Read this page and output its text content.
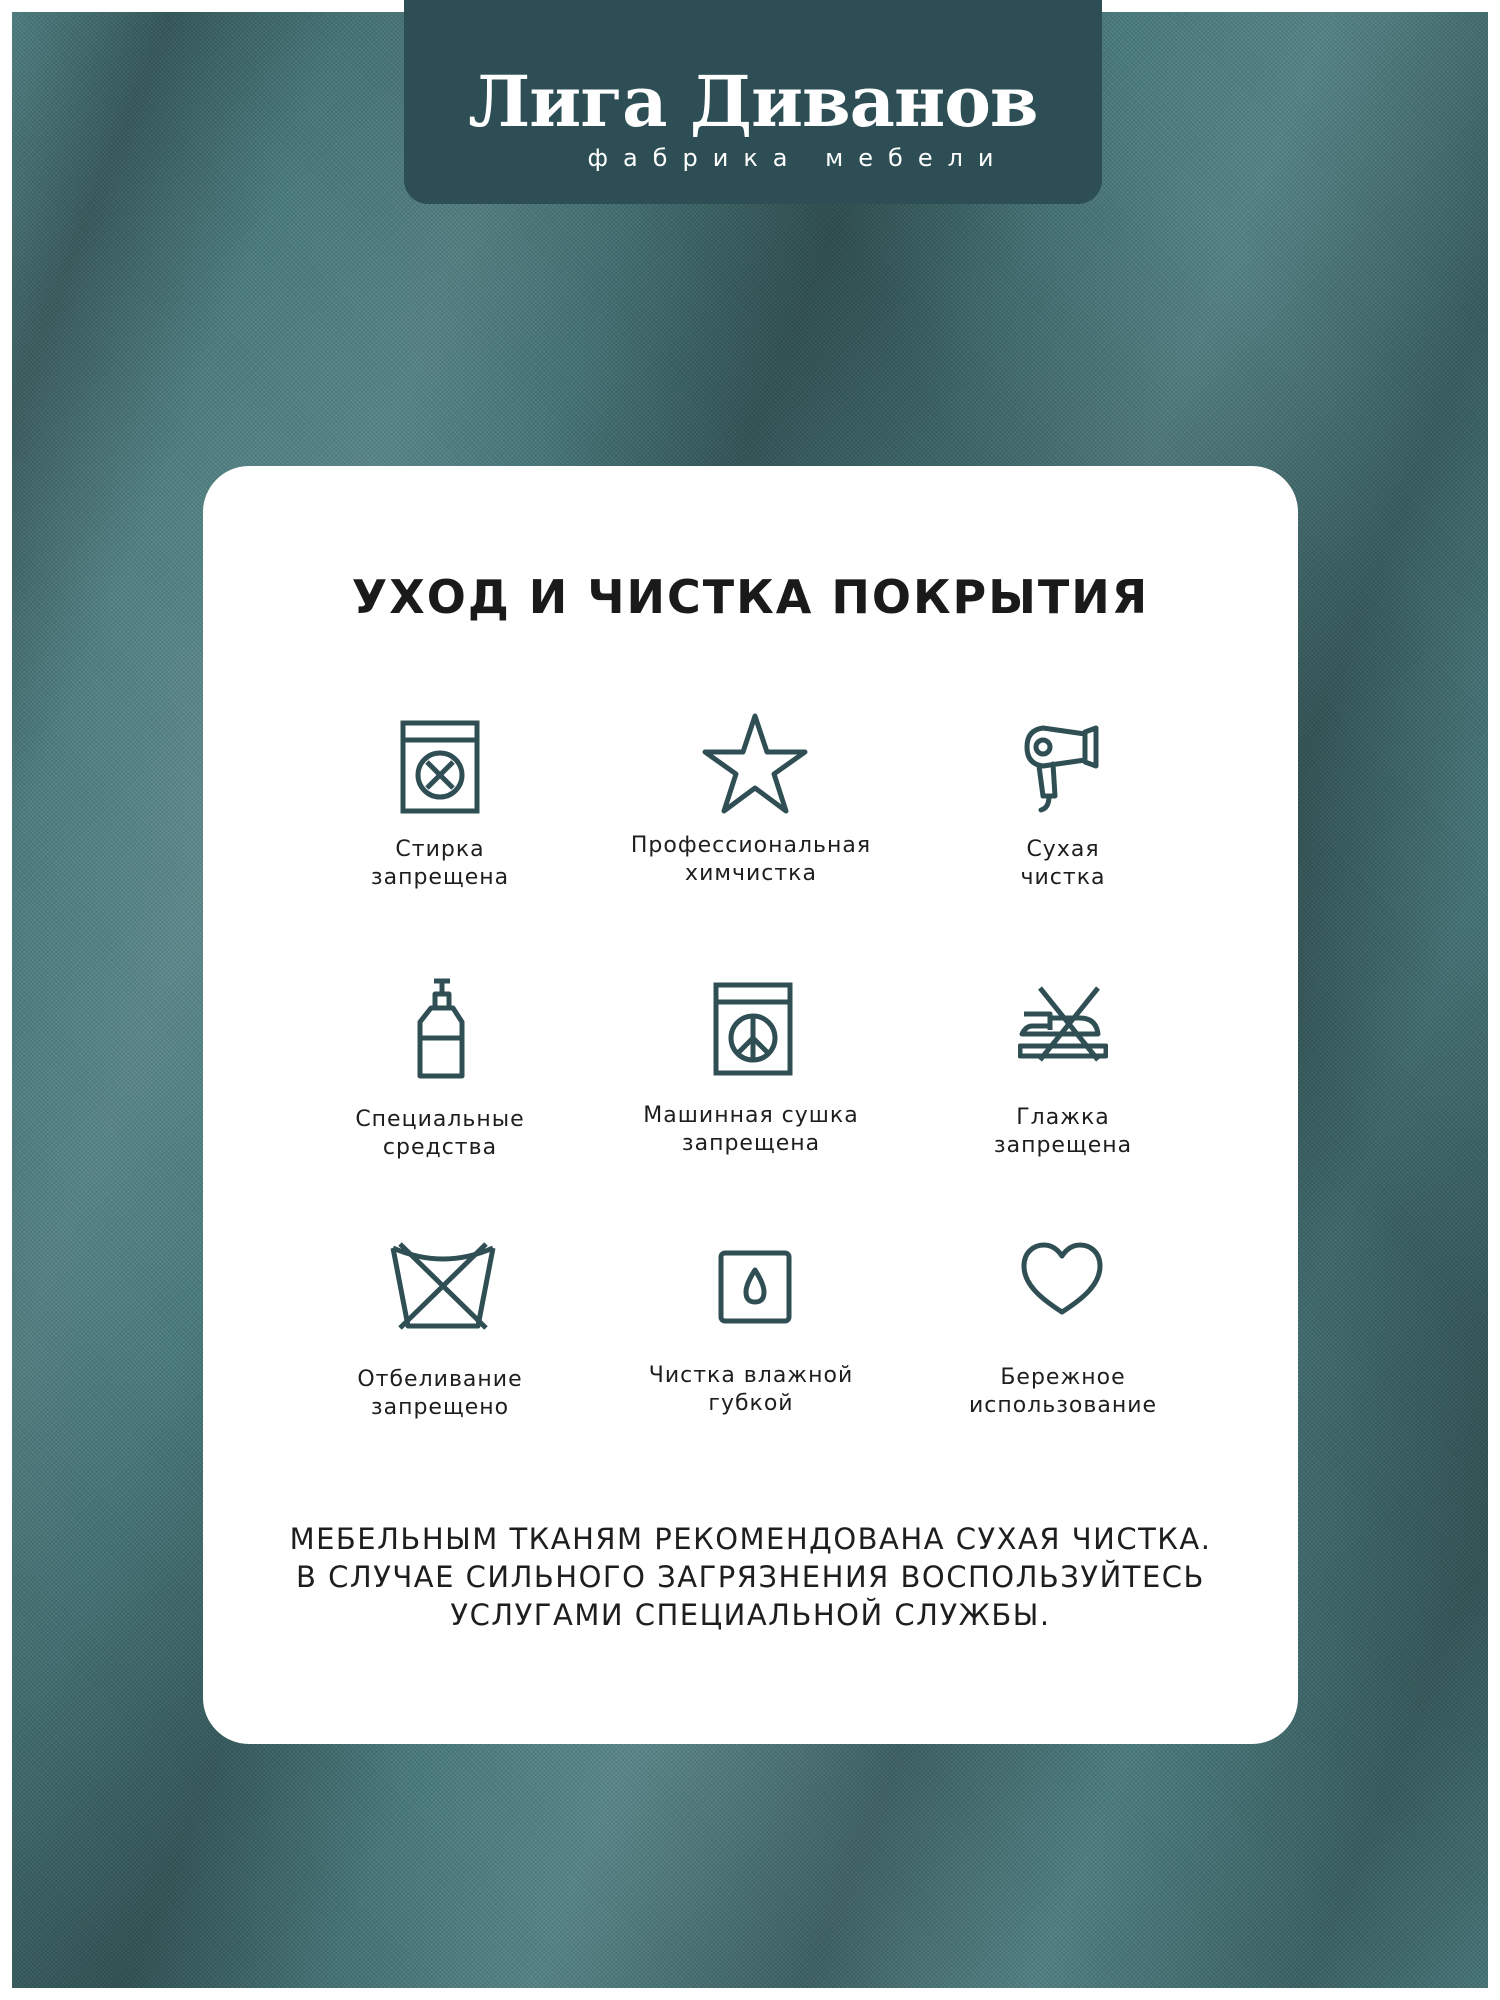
Лига Диванов
фабрика мебели
УХОД И ЧИСТКА ПОКРЫТИЯ
Стирка
запрещена
Профессиональная
химчистка
Сухая
чистка
Специальные
средства
Машинная сушка
запрещена
Глажка
запрещена
Отбеливание
запрещено
Чистка влажной
губкой
Бережное
использование
МЕБЕЛЬНЫМ ТКАНЯМ РЕКОМЕНДОВАНА СУХАЯ ЧИСТКА.
В СЛУЧАЕ СИЛЬНОГО ЗАГРЯЗНЕНИЯ ВОСПОЛЬЗУЙТЕСЬ
УСЛУГАМИ СПЕЦИАЛЬНОЙ СЛУЖБЫ.
